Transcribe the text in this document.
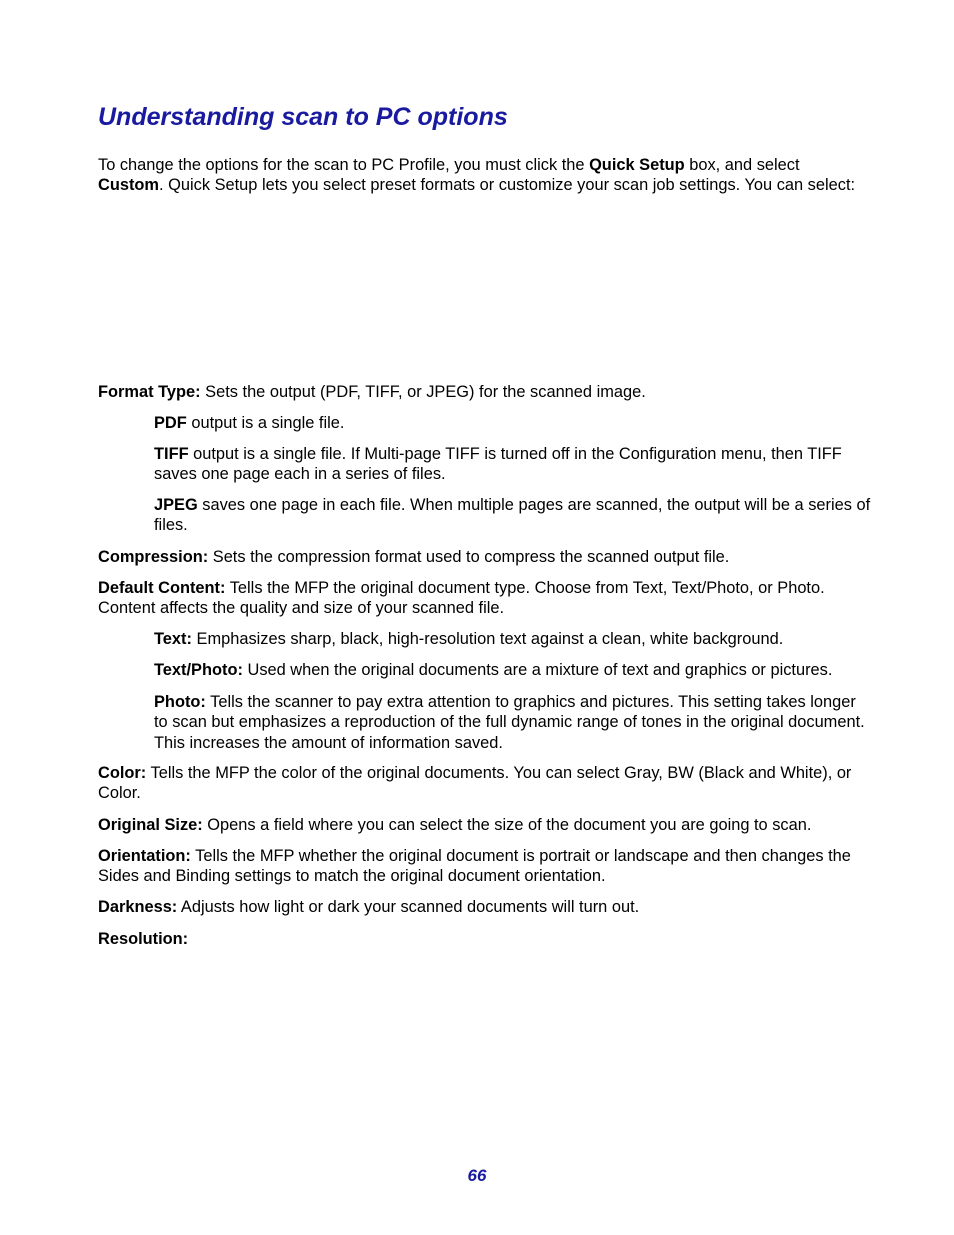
Understanding scan to PC options

To change the options for the scan to PC Profile, you must click the Quick Setup box, and select Custom. Quick Setup lets you select preset formats or customize your scan job settings. You can select:

Format Type: Sets the output (PDF, TIFF, or JPEG) for the scanned image.

PDF output is a single file.

TIFF output is a single file. If Multi-page TIFF is turned off in the Configuration menu, then TIFF saves one page each in a series of files.

JPEG saves one page in each file. When multiple pages are scanned, the output will be a series of files.

Compression: Sets the compression format used to compress the scanned output file.

Default Content: Tells the MFP the original document type. Choose from Text, Text/Photo, or Photo. Content affects the quality and size of your scanned file.

Text: Emphasizes sharp, black, high-resolution text against a clean, white background.

Text/Photo: Used when the original documents are a mixture of text and graphics or pictures.

Photo: Tells the scanner to pay extra attention to graphics and pictures. This setting takes longer to scan but emphasizes a reproduction of the full dynamic range of tones in the original document. This increases the amount of information saved.

Color: Tells the MFP the color of the original documents. You can select Gray, BW (Black and White), or Color.

Original Size: Opens a field where you can select the size of the document you are going to scan.

Orientation: Tells the MFP whether the original document is portrait or landscape and then changes the Sides and Binding settings to match the original document orientation.

Darkness: Adjusts how light or dark your scanned documents will turn out.

Resolution:

66
